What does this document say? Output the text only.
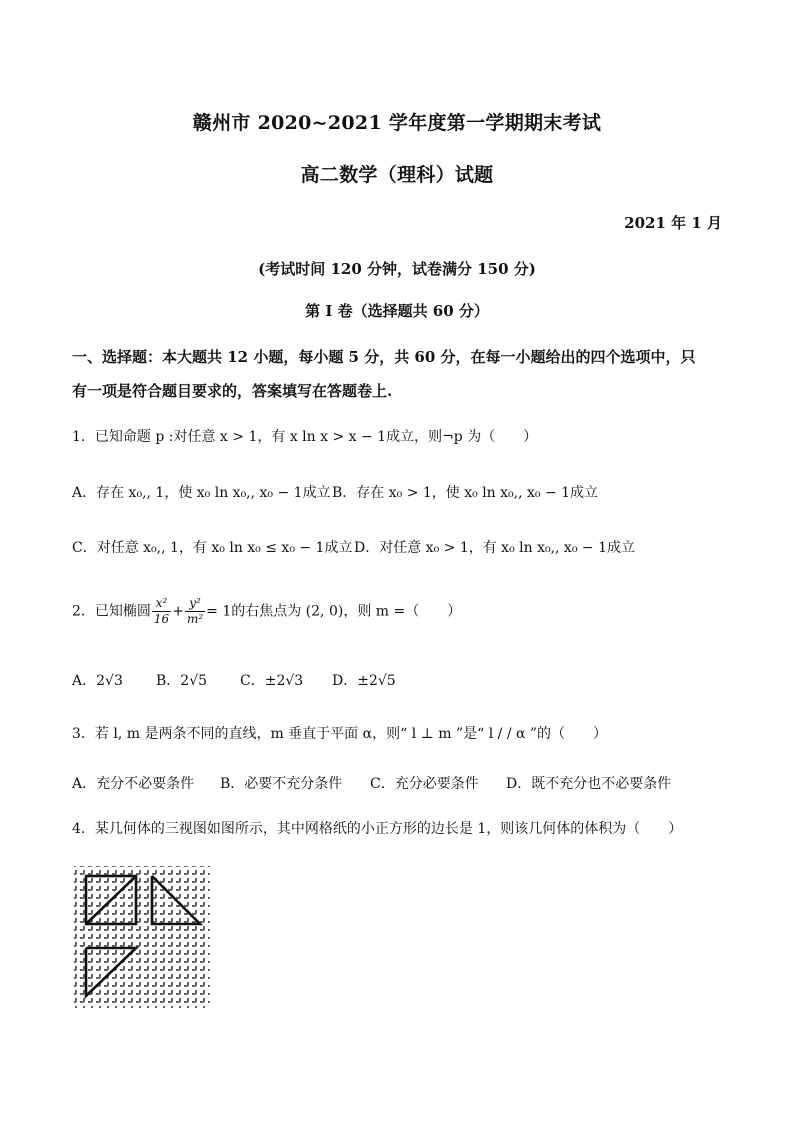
赣州市 2020~2021 学年度第一学期期末考试
高二数学（理科）试题
2021 年 1 月
(考试时间 120 分钟，试卷满分 150 分)
第 I 卷（选择题共 60 分）
一、选择题：本大题共 12 小题，每小题 5 分，共 60 分，在每一小题给出的四个选项中，只
有一项是符合题目要求的，答案填写在答题卷上.
1．已知命题 p :对任意 x > 1，有 x ln x > x − 1成立，则¬p 为（　　）
A．存在 x₀,, 1，使 x₀ ln x₀,, x₀ − 1成立 B．存在 x₀ > 1，使 x₀ ln x₀,, x₀ − 1成立
C．对任意 x₀,, 1，有 x₀ ln x₀ ≤ x₀ − 1成立 D．对任意 x₀ > 1，有 x₀ ln x₀,, x₀ − 1成立
2．已知椭圆 $\frac{\text{x²}}{16} + \frac{\text{y²}}{\text{m²}} = 1$的右焦点为 (2, 0)，则 m =（　　）
A．2√3 B．2√5 C．±2√3 D．±2√5
3．若 l, m 是两条不同的直线，m 垂直于平面 α，则“ l ⊥ m ”是“ l / / α ”的（　　）
A．充分不必要条件 B．必要不充分条件 C．充分必要条件 D．既不充分也不必要条件
4．某几何体的三视图如图所示，其中网格纸的小正方形的边长是 1，则该几何体的体积为（　　）
